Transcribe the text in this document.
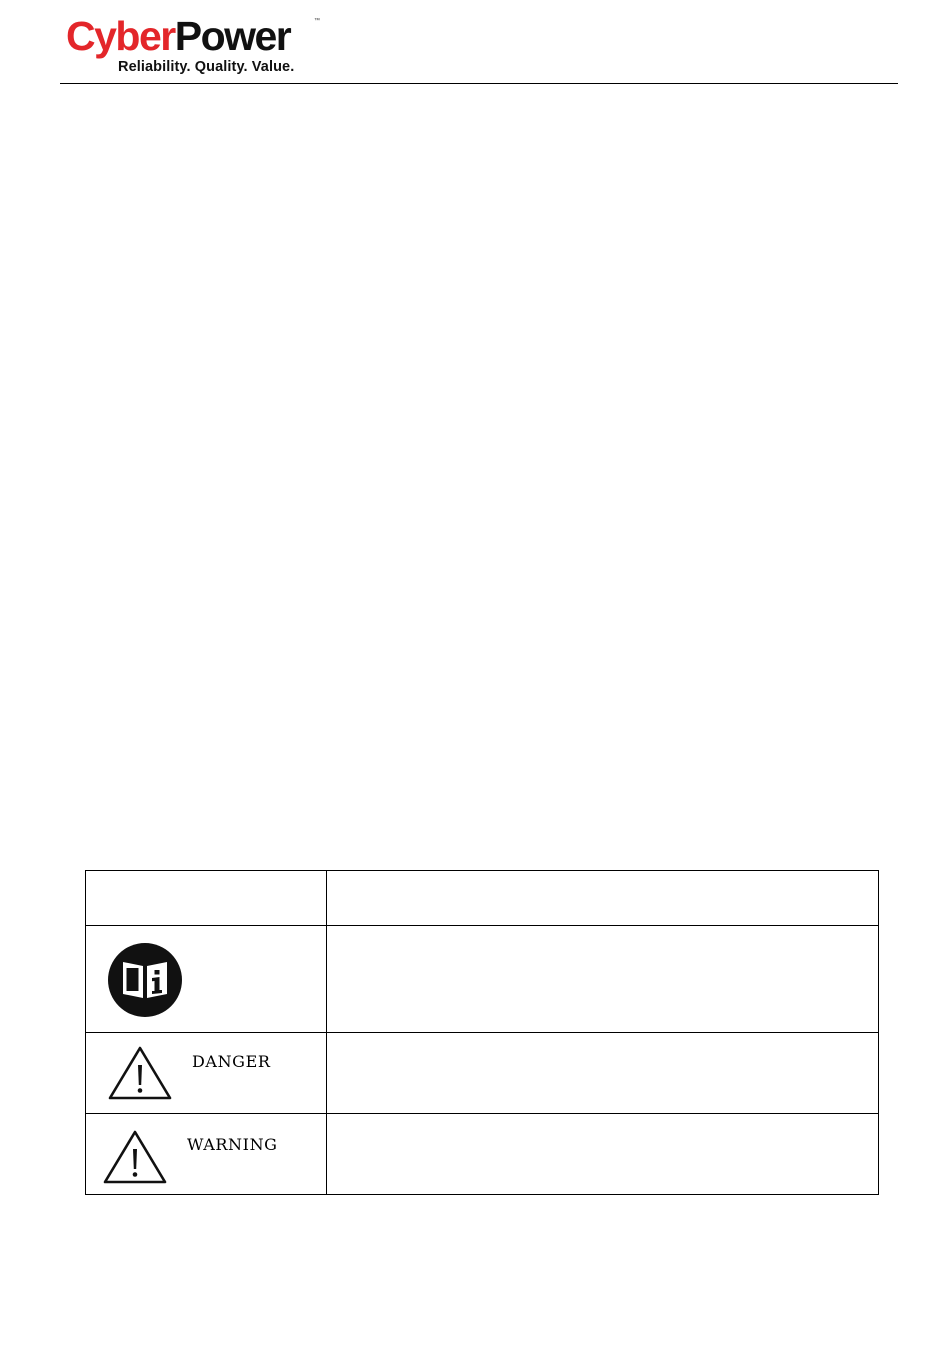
CyberPower	™
Reliability. Quality. Value.

DANGER	

WARNING	
